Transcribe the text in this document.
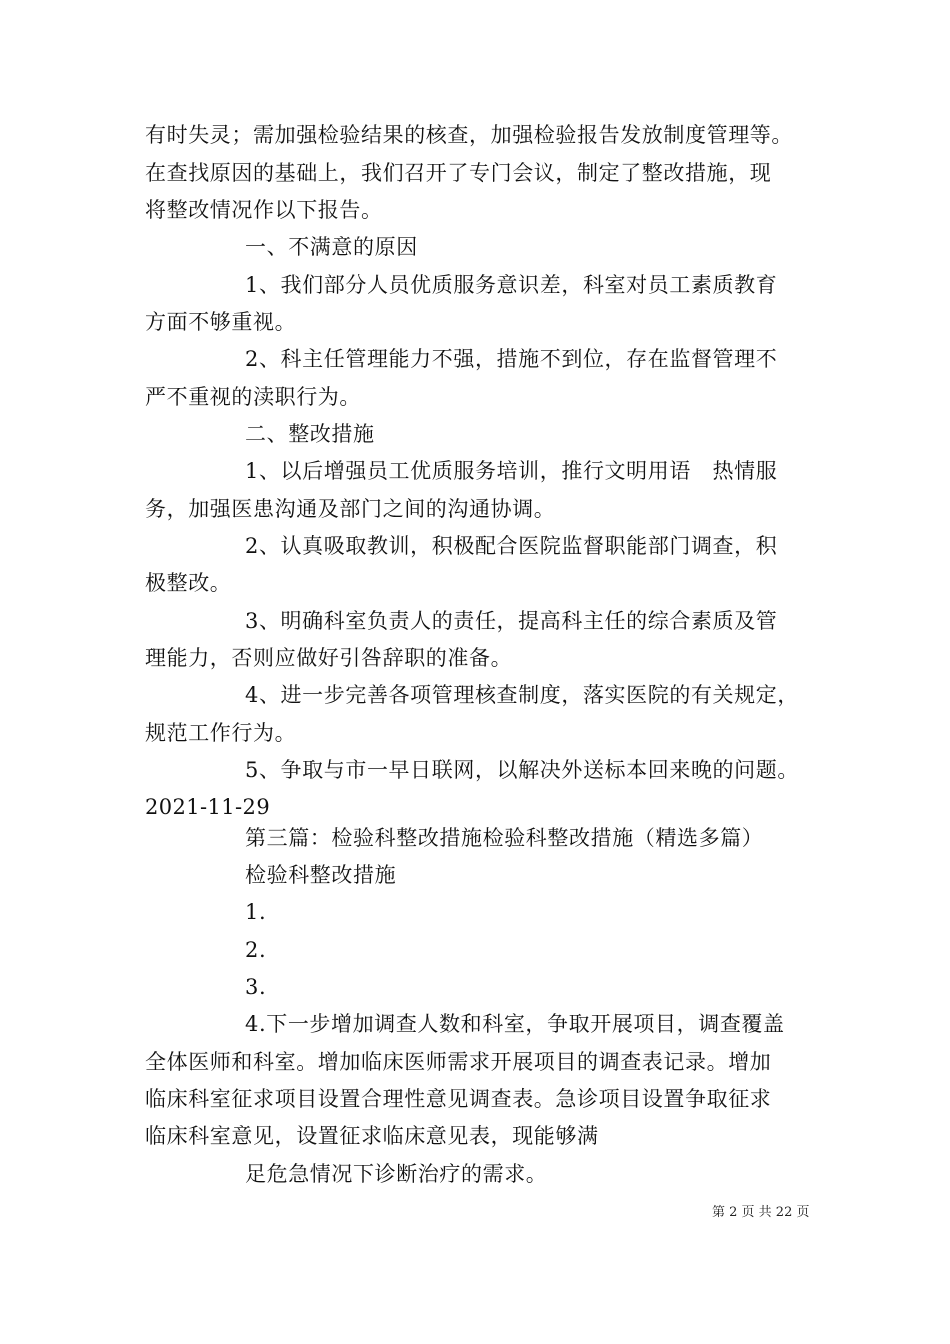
有时失灵；需加强检验结果的核查，加强检验报告发放制度管理等。
在查找原因的基础上，我们召开了专门会议，制定了整改措施，现
将整改情况作以下报告。
一、不满意的原因
1、我们部分人员优质服务意识差，科室对员工素质教育
方面不够重视。
2、科主任管理能力不强，措施不到位，存在监督管理不
严不重视的渎职行为。
二、整改措施
1、以后增强员工优质服务培训，推行文明用语　热情服
务，加强医患沟通及部门之间的沟通协调。
2、认真吸取教训，积极配合医院监督职能部门调查，积
极整改。
3、明确科室负责人的责任，提高科主任的综合素质及管
理能力，否则应做好引咎辞职的准备。
4、进一步完善各项管理核查制度，落实医院的有关规定，
规范工作行为。
5、争取与市一早日联网，以解决外送标本回来晚的问题。
2021-11-29
第三篇：检验科整改措施检验科整改措施（精选多篇）
检验科整改措施
1.
2.
3.
4.下一步增加调查人数和科室，争取开展项目，调查覆盖
全体医师和科室。增加临床医师需求开展项目的调查表记录。增加
临床科室征求项目设置合理性意见调查表。急诊项目设置争取征求
临床科室意见，设置征求临床意见表，现能够满
足危急情况下诊断治疗的需求。
第 2 页 共 22 页
